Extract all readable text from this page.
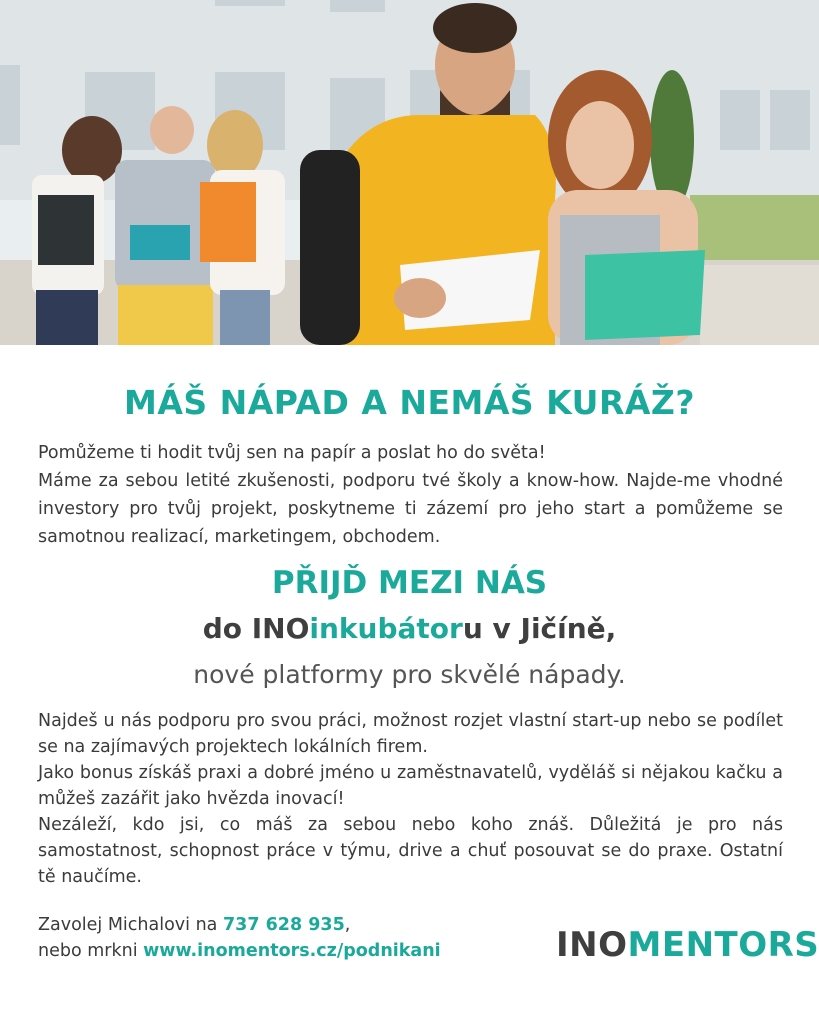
MÁŠ NÁPAD A NEMÁŠ KURÁŽ?

Pomůžeme ti hodit tvůj sen na papír a poslat ho do světa!

Máme za sebou letité zkušenosti, podporu tvé školy a know-how. Najde-me vhodné investory pro tvůj projekt, poskytneme ti zázemí pro jeho start a pomůžeme se samotnou realizací, marketingem, obchodem.

PŘIJĎ MEZI NÁS
do INOinkubátoru v Jičíně,
nové platformy pro skvělé nápady.

Najdeš u nás podporu pro svou práci, možnost rozjet vlastní start-up nebo se podílet se na zajímavých projektech lokálních firem.

Jako bonus získáš praxi a dobré jméno u zaměstnavatelů, vyděláš si nějakou kačku a můžeš zazářit jako hvězda inovací!

Nezáleží, kdo jsi, co máš za sebou nebo koho znáš. Důležitá je pro nás samostatnost, schopnost práce v týmu, drive a chuť posouvat se do praxe. Ostatní tě naučíme.

Zavolej Michalovi na 737 628 935,
nebo mrkni www.inomentors.cz/podnikani	INOMENTORS
